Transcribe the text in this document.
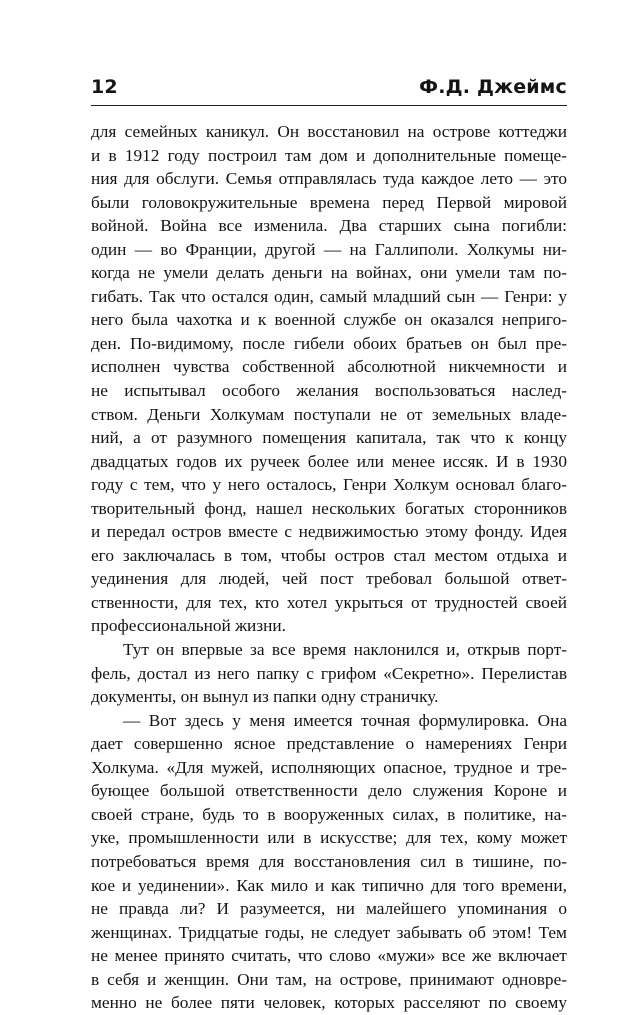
12	Ф.Д. Джеймс
для семейных каникул. Он восстановил на острове коттеджи
и в 1912 году построил там дом и дополнительные помеще-
ния для обслуги. Семья отправлялась туда каждое лето — это
были головокружительные времена перед Первой мировой
войной. Война все изменила. Два старших сына погибли:
один — во Франции, другой — на Галлиполи. Холкумы ни-
когда не умели делать деньги на войнах, они умели там по-
гибать. Так что остался один, самый младший сын — Генри: у
него была чахотка и к военной службе он оказался неприго-
ден. По-видимому, после гибели обоих братьев он был пре-
исполнен чувства собственной абсолютной никчемности и
не испытывал особого желания воспользоваться наслед-
ством. Деньги Холкумам поступали не от земельных владе-
ний, а от разумного помещения капитала, так что к концу
двадцатых годов их ручеек более или менее иссяк. И в 1930
году с тем, что у него осталось, Генри Холкум основал благо-
творительный фонд, нашел нескольких богатых сторонников
и передал остров вместе с недвижимостью этому фонду. Идея
его заключалась в том, чтобы остров стал местом отдыха и
уединения для людей, чей пост требовал большой ответ-
ственности, для тех, кто хотел укрыться от трудностей своей
профессиональной жизни.
Тут он впервые за все время наклонился и, открыв порт-
фель, достал из него папку с грифом «Секретно». Перелистав
документы, он вынул из папки одну страничку.
— Вот здесь у меня имеется точная формулировка. Она
дает совершенно ясное представление о намерениях Генри
Холкума. «Для мужей, исполняющих опасное, трудное и тре-
бующее большой ответственности дело служения Короне и
своей стране, будь то в вооруженных силах, в политике, на-
уке, промышленности или в искусстве; для тех, кому может
потребоваться время для восстановления сил в тишине, по-
кое и уединении». Как мило и как типично для того времени,
не правда ли? И разумеется, ни малейшего упоминания о
женщинах. Тридцатые годы, не следует забывать об этом! Тем
не менее принято считать, что слово «мужи» все же включает
в себя и женщин. Они там, на острове, принимают одновре-
менно не более пяти человек, которых расселяют по своему
